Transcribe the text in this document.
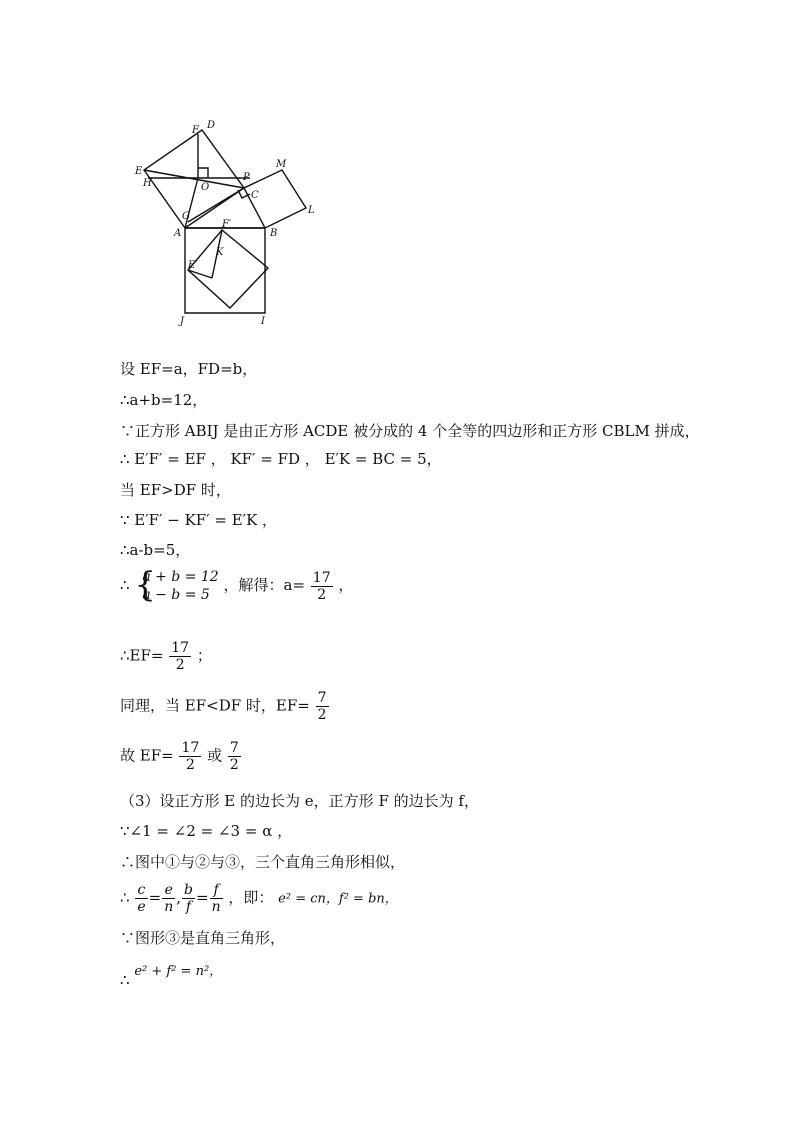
F D
E
H	O
P
M
C
L
G
F′
A	B
K
E′
J	I
设 EF=a，FD=b，
∴a+b=12，
∵正方形 ABIJ 是由正方形 ACDE 被分成的 4 个全等的四边形和正方形 CBLM 拼成，
∴ E′F′ = EF ， KF′ = FD ， E′K = BC = 5，
当 EF>DF 时，
∵ E′F′ − KF′ = E′K ，
∴a-b=5，
∴ {
a + b = 12
a − b = 5
，解得：$a= \frac{17}{2}$ ，
∴EF= $\frac{17}{2}$ ；
同理，当 EF<DF 时，$EF= \frac{7}{2}$
故 $EF= \frac{17}{2}$ 或 $\frac{7}{2}$
（3）设正方形 E 的边长为 e，正方形 F 的边长为 f，
∵∠1 = ∠2 = ∠3 = α ，
∴图中①与②与③，三个直角三角形相似，
∴ $\frac{c}{e} = \frac{e}{n}$ , $\frac{b}{f} = \frac{f}{n}$ ，即： e² = cn，f² = bn，
∵图形③是直角三角形，
∴ e² + f² = n²，
